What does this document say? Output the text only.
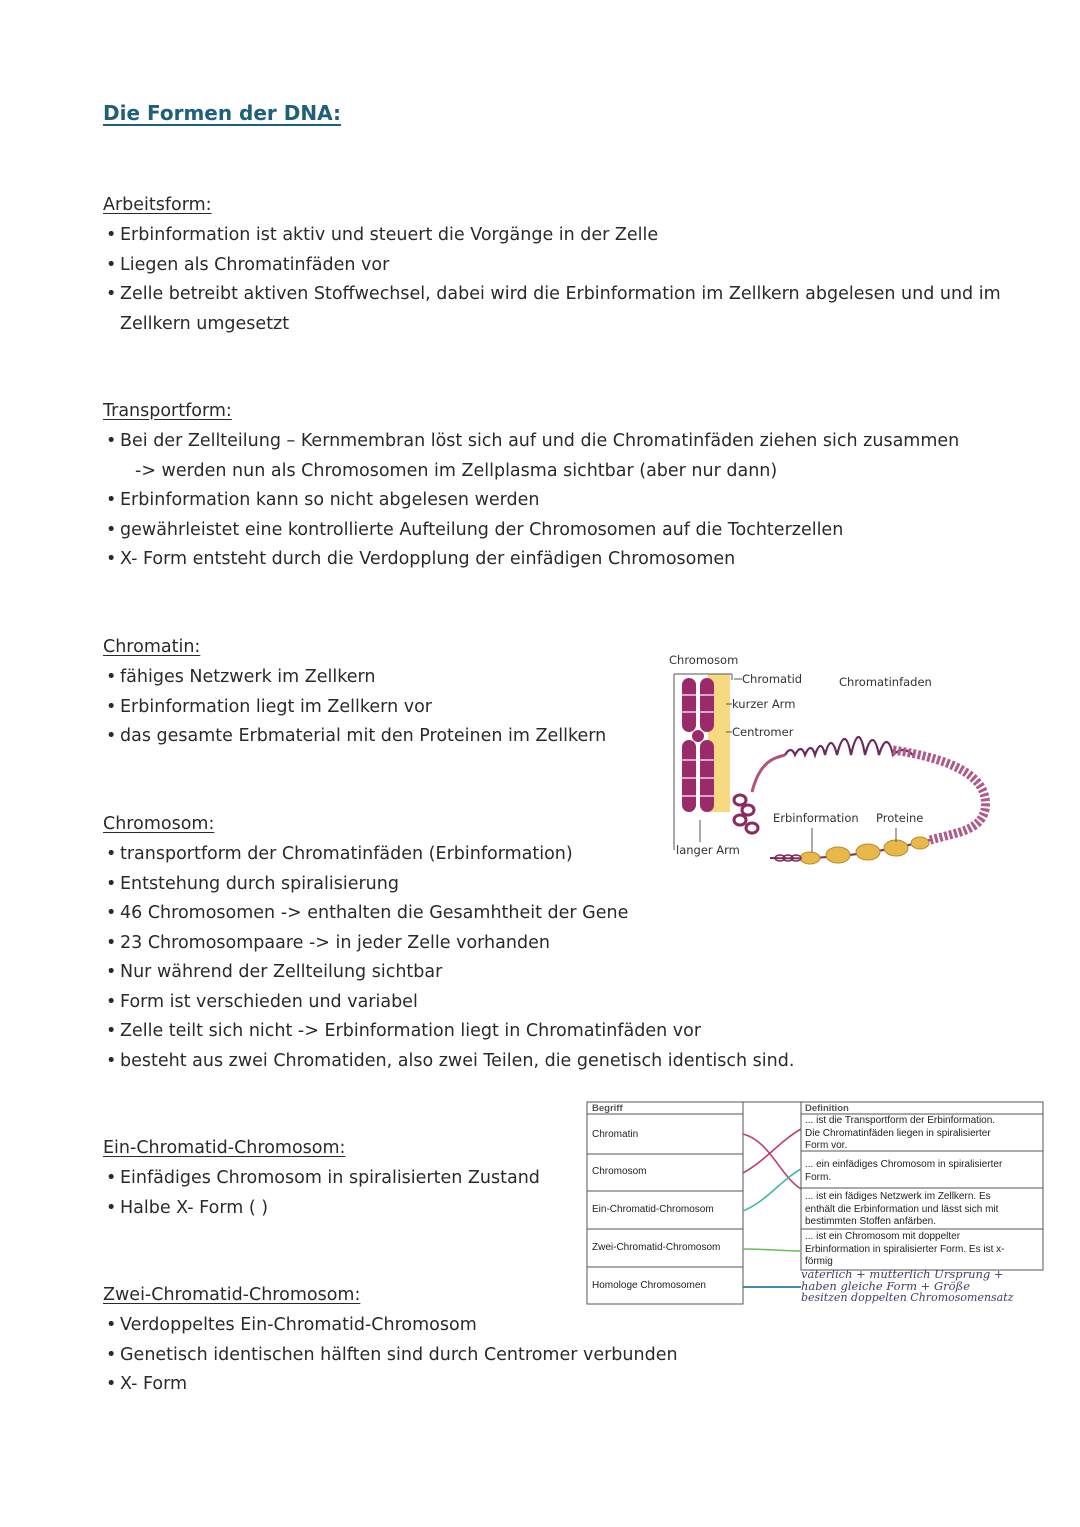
Die Formen der DNA:
Arbeitsform:
• Erbinformation ist aktiv und steuert die Vorgänge in der Zelle
• Liegen als Chromatinfäden vor
• Zelle betreibt aktiven Stoffwechsel, dabei wird die Erbinformation im Zellkern abgelesen und und im
Zellkern umgesetzt
Transportform:
• Bei der Zellteilung – Kernmembran löst sich auf und die Chromatinfäden ziehen sich zusammen
-> werden nun als Chromosomen im Zellplasma sichtbar (aber nur dann)
• Erbinformation kann so nicht abgelesen werden
• gewährleistet eine kontrollierte Aufteilung der Chromosomen auf die Tochterzellen
• X- Form entsteht durch die Verdopplung der einfädigen Chromosomen
Chromatin:
• fähiges Netzwerk im Zellkern
• Erbinformation liegt im Zellkern vor
• das gesamte Erbmaterial mit den Proteinen im Zellkern
Chromosom
Chromatid
kurzer Arm
Centromer
Chromatinfaden
Erbinformation Proteine
langer Arm
Chromosom:
• transportform der Chromatinfäden (Erbinformation)
• Entstehung durch spiralisierung
• 46 Chromosomen -> enthalten die Gesamhtheit der Gene
• 23 Chromosompaare -> in jeder Zelle vorhanden
• Nur während der Zellteilung sichtbar
• Form ist verschieden und variabel
• Zelle teilt sich nicht -> Erbinformation liegt in Chromatinfäden vor
• besteht aus zwei Chromatiden, also zwei Teilen, die genetisch identisch sind.
Ein-Chromatid-Chromosom:
• Einfädiges Chromosom in spiralisierten Zustand
• Halbe X- Form ( )
Begriff	Definition
Chromatin
Chromosom
Ein-Chromatid-Chromosom
Zwei-Chromatid-Chromosom
Homologe Chromosomen
... ist die Transportform der Erbinformation.
Die Chromatinfäden liegen in spiralisierter
Form vor.
... ein einfädiges Chromosom in spiralisierter
Form.
... ist ein fädiges Netzwerk im Zellkern. Es
enthält die Erbinformation und lässt sich mit
bestimmten Stoffen anfärben.
... ist ein Chromosom mit doppelter
Erbinformation in spiralisierter Form. Es ist x-
förmig
väterlich + mütterlich Ursprung +
haben gleiche Form + Größe
besitzen doppelten Chromosomensatz
Zwei-Chromatid-Chromosom:
• Verdoppeltes Ein-Chromatid-Chromosom
• Genetisch identischen hälften sind durch Centromer verbunden
• X- Form
